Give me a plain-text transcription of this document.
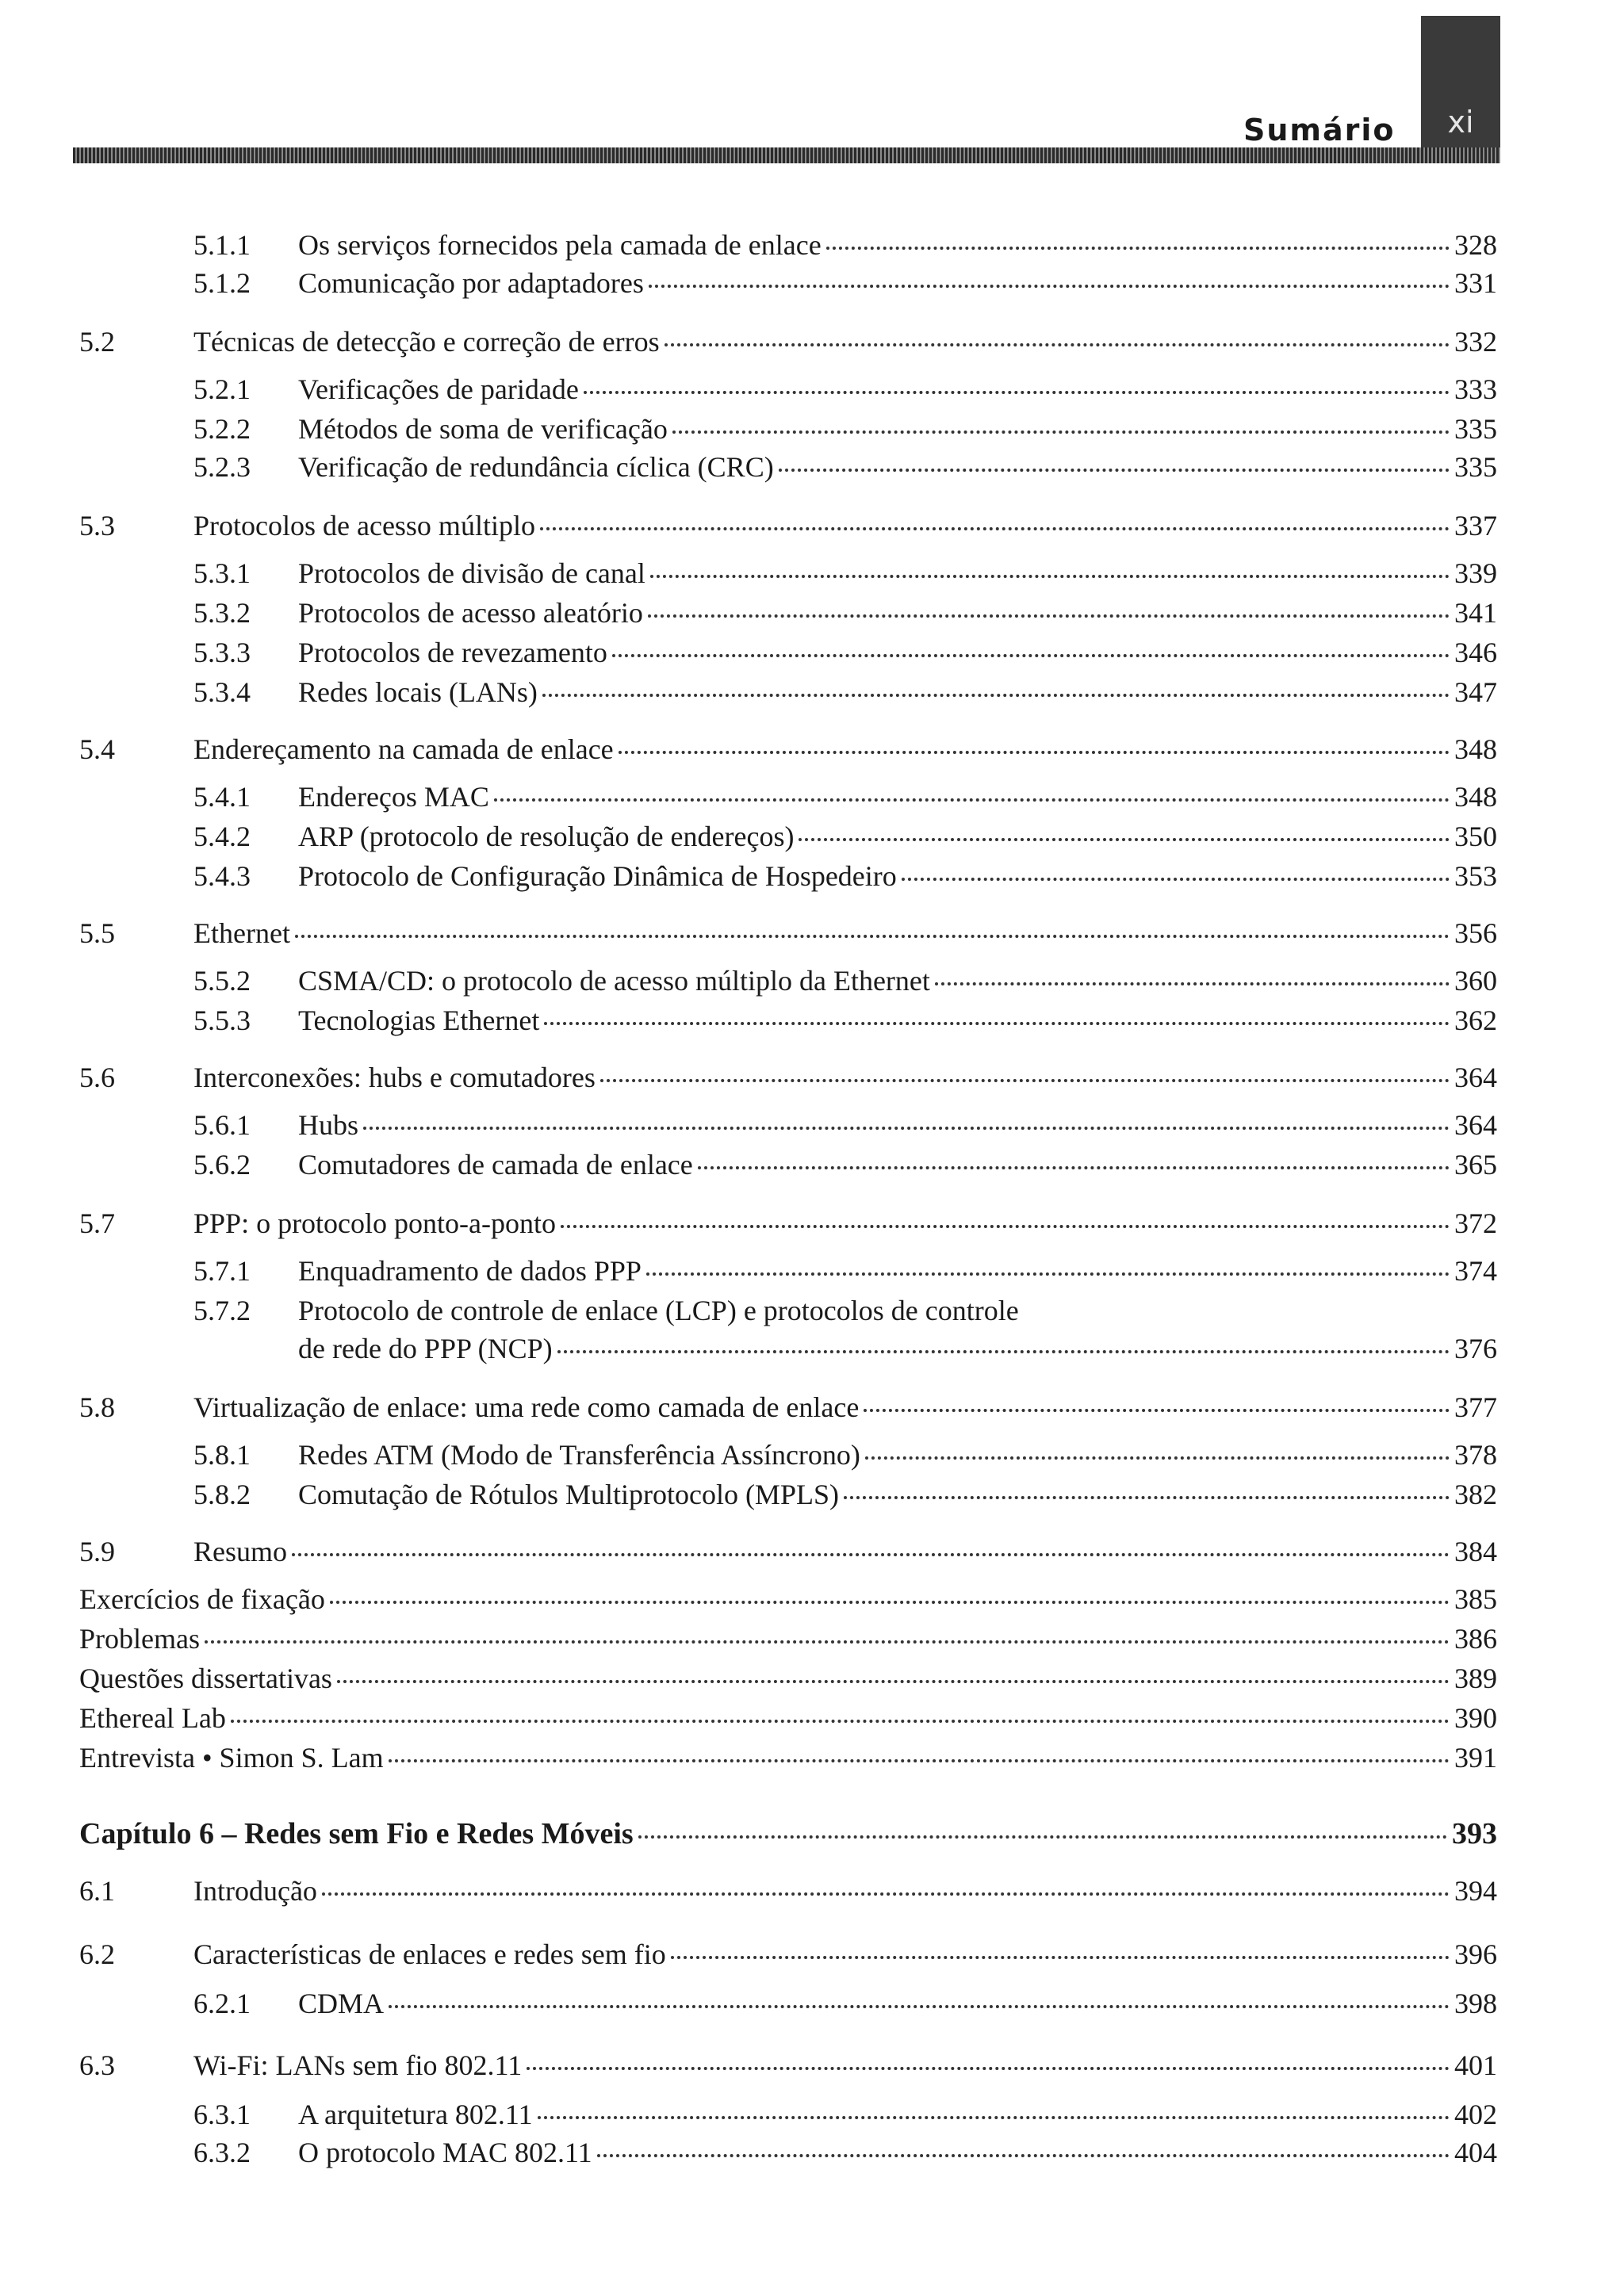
xi
Sumário
5.1.1 Os serviços fornecidos pela camada de enlace	328
5.1.2 Comunicação por adaptadores	331
5.2	Técnicas de detecção e correção de erros	332
5.2.1 Verificações de paridade	333
5.2.2 Métodos de soma de verificação	335
5.2.3 Verificação de redundância cíclica (CRC)	335
5.3	Protocolos de acesso múltiplo	337
5.3.1 Protocolos de divisão de canal	339
5.3.2 Protocolos de acesso aleatório	341
5.3.3 Protocolos de revezamento	346
5.3.4 Redes locais (LANs)	347
5.4	Endereçamento na camada de enlace	348
5.4.1 Endereços MAC	348
5.4.2 ARP (protocolo de resolução de endereços)	350
5.4.3 Protocolo de Configuração Dinâmica de Hospedeiro	353
5.5	Ethernet	356
5.5.2 CSMA/CD: o protocolo de acesso múltiplo da Ethernet	360
5.5.3 Tecnologias Ethernet	362
5.6	Interconexões: hubs e comutadores	364
5.6.1 Hubs	364
5.6.2 Comutadores de camada de enlace	365
5.7	PPP: o protocolo ponto-a-ponto	372
5.7.1 Enquadramento de dados PPP	374
5.7.2 Protocolo de controle de enlace (LCP) e protocolos de controle
de rede do PPP (NCP)	376
5.8	Virtualização de enlace: uma rede como camada de enlace	377
5.8.1 Redes ATM (Modo de Transferência Assíncrono)	378
5.8.2 Comutação de Rótulos Multiprotocolo (MPLS)	382
5.9	Resumo	384
Exercícios de fixação	385
Problemas	386
Questões dissertativas	389
Ethereal Lab	390
Entrevista • Simon S. Lam	391
Capítulo 6 – Redes sem Fio e Redes Móveis	393
6.1	Introdução	394
6.2	Características de enlaces e redes sem fio	396
6.2.1 CDMA	398
6.3	Wi-Fi: LANs sem fio 802.11	401
6.3.1 A arquitetura 802.11	402
6.3.2 O protocolo MAC 802.11	404
